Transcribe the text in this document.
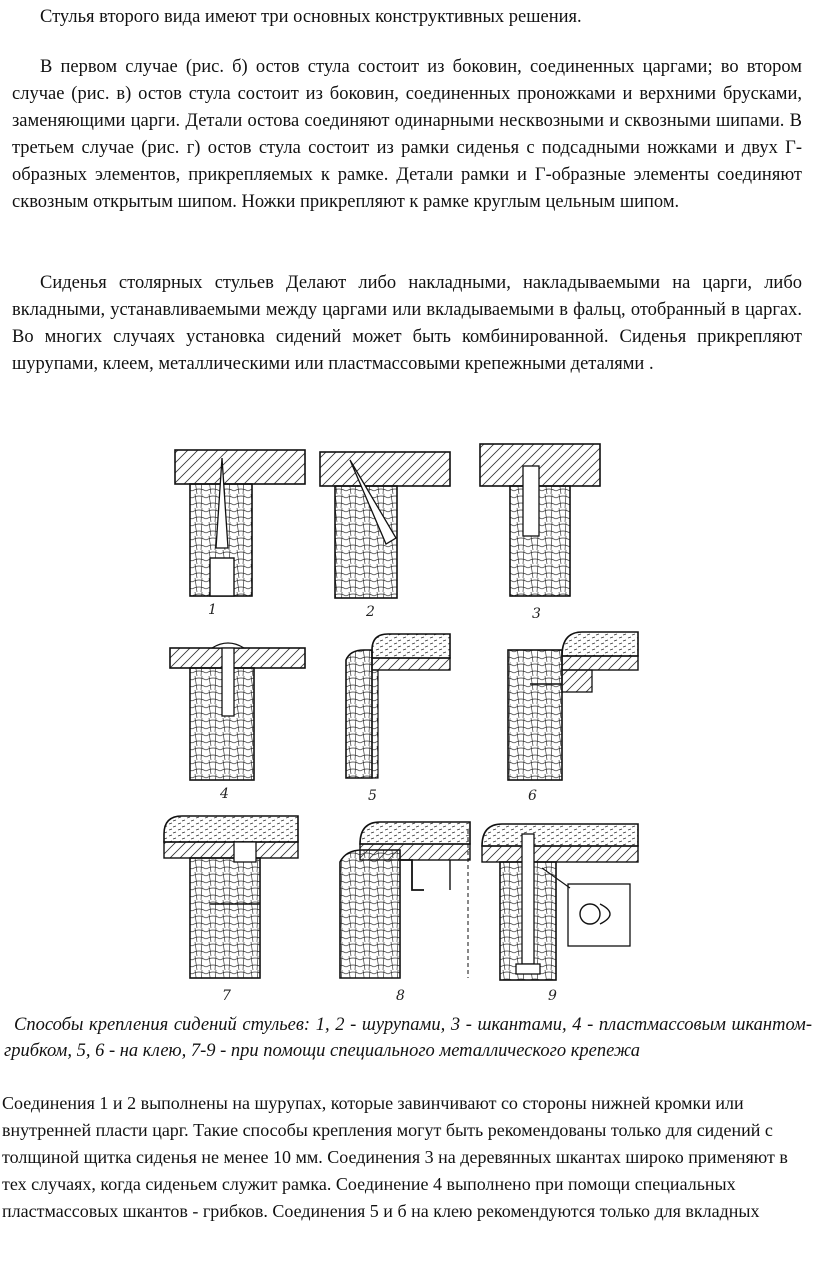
Стулья второго вида имеют три основных конструктивных решения.

В первом случае (рис. б) остов стула состоит из боковин, соединенных царгами; во втором случае (рис. в) остов стула состоит из боковин, соединенных проножками и верхними брусками, заменяющими царги. Детали остова соединяют одинарными несквозными и сквозными шипами. В третьем случае (рис. г) остов стула состоит из рамки сиденья с подсадными ножками и двух Г-образных элементов, прикрепляемых к рамке. Детали рамки и Г-образные элементы соединяют сквозным открытым шипом. Ножки прикрепляют к рамке круглым цельным шипом.

Сиденья столярных стульев Делают либо накладными, накладываемыми на царги, либо вкладными, устанавливаемыми между царгами или вкладываемыми в фальц, отобранный в царгах. Во многих случаях установка сидений может быть комбинированной. Сиденья прикрепляют шурупами, клеем, металлическими или пластмассовыми крепежными деталями .

1	2	3
4	5	6
7	8	9

Способы крепления сидений стульев: 1, 2 - шурупами, 3 - шкантами, 4 - пластмассовым шкантом-грибком, 5, 6 - на клею, 7-9 - при помощи специального металлического крепежа

Соединения 1 и 2 выполнены на шурупах, которые завинчивают со стороны нижней кромки или внутренней пласти царг. Такие способы крепления могут быть рекомендованы только для сидений с толщиной щитка сиденья не менее 10 мм. Соединения 3 на деревянных шкантах широко применяют в тех случаях, когда сиденьем служит рамка. Соединение 4 выполнено при помощи специальных пластмассовых шкантов - грибков. Соединения 5 и б на клею рекомендуются только для вкладных
